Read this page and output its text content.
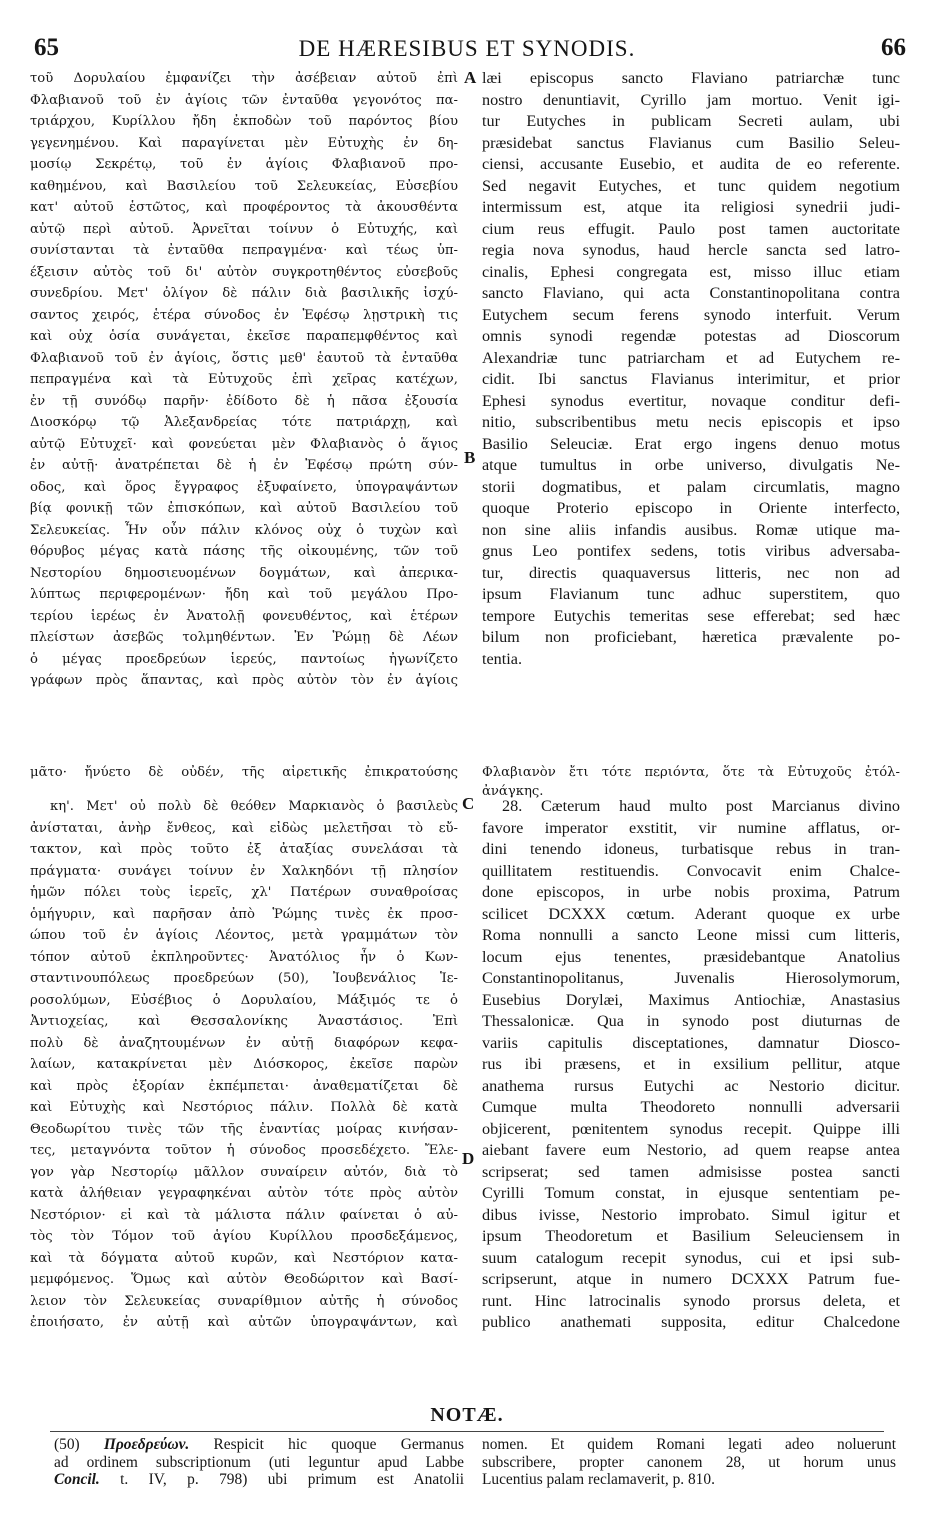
65	DE HÆRESIBUS ET SYNODIS.	66
τοῦ Δορυλαίου ἐμφανίζει τὴν ἀσέβειαν αὐτοῦ ἐπὶ
Φλαβιανοῦ τοῦ ἐν ἁγίοις τῶν ἐνταῦθα γεγονότος πα-
τριάρχου, Κυρίλλου ἤδη ἐκποδὼν τοῦ παρόντος βίου
γεγενημένου. Καὶ παραγίνεται μὲν Εὐτυχὴς ἐν δη-
μοσίῳ Σεκρέτῳ, τοῦ ἐν ἁγίοις Φλαβιανοῦ προ-
καθημένου, καὶ Βασιλείου τοῦ Σελευκείας, Εὐσεβίου
κατ' αὐτοῦ ἑστῶτος, καὶ προφέροντος τὰ ἀκουσθέντα
αὐτῷ περὶ αὐτοῦ. Ἀρνεῖται τοίνυν ὁ Εὐτυχής, καὶ
συνίστανται τὰ ἐνταῦθα πεπραγμένα· καὶ τέως ὑπ-
έξεισιν αὐτὸς τοῦ δι' αὐτὸν συγκροτηθέντος εὐσεβοῦς
συνεδρίου. Μετ' ὀλίγον δὲ πάλιν διὰ βασιλικῆς ἰσχύ-
σαντος χειρός, ἑτέρα σύνοδος ἐν Ἐφέσῳ λῃστρικὴ τις
καὶ οὐχ ὁσία συνάγεται, ἐκεῖσε παραπεμφθέντος καὶ
Φλαβιανοῦ τοῦ ἐν ἁγίοις, ὅστις μεθ' ἑαυτοῦ τὰ ἐνταῦθα
πεπραγμένα καὶ τὰ Εὐτυχοῦς ἐπὶ χεῖρας κατέχων,
ἐν τῇ συνόδῳ παρῆν· ἐδίδοτο δὲ ἡ πᾶσα ἐξουσία
Διοσκόρῳ τῷ Ἀλεξανδρείας τότε πατριάρχῃ, καὶ
αὐτῷ Εὐτυχεῖ· καὶ φονεύεται μὲν Φλαβιανὸς ὁ ἅγιος
ἐν αὐτῇ· ἀνατρέπεται δὲ ἡ ἐν Ἐφέσῳ πρώτη σύν-
οδος, καὶ ὅρος ἔγγραφος ἐξυφαίνετο, ὑπογραψάντων
βίᾳ φονικῇ τῶν ἐπισκόπων, καὶ αὐτοῦ Βασιλείου τοῦ
Σελευκείας. Ἦν οὖν πάλιν κλόνος οὐχ ὁ τυχὼν καὶ
θόρυβος μέγας κατὰ πάσης τῆς οἰκουμένης, τῶν τοῦ
Νεστορίου δημοσιευομένων δογμάτων, καὶ ἀπερικα-
λύπτως περιφερομένων· ἤδη καὶ τοῦ μεγάλου Προ-
τερίου ἱερέως ἐν Ἀνατολῇ φονευθέντος, καὶ ἑτέρων
πλείστων ἀσεβῶς τολμηθέντων. Ἐν Ῥώμῃ δὲ Λέων
ὁ μέγας προεδρεύων ἱερεύς, παντοίως ἠγωνίζετο
γράφων πρὸς ἅπαντας, καὶ πρὸς αὐτὸν τὸν ἐν ἁγίοις
læi episcopus sancto Flaviano patriarchæ tunc
nostro denuntiavit, Cyrillo jam mortuo. Venit igi-
tur Eutyches in publicam Secreti aulam, ubi
præsidebat sanctus Flavianus cum Basilio Seleu-
ciensi, accusante Eusebio, et audita de eo referente.
Sed negavit Eutyches, et tunc quidem negotium
intermissum est, atque ita religiosi synedrii judi-
cium reus effugit. Paulo post tamen auctoritate
regia nova synodus, haud hercle sancta sed latro-
cinalis, Ephesi congregata est, misso illuc etiam
sancto Flaviano, qui acta Constantinopolitana contra
Eutychem secum ferens synodo interfuit. Verum
omnis synodi regendæ potestas ad Dioscorum
Alexandriæ tunc patriarcham et ad Eutychem re-
cidit. Ibi sanctus Flavianus interimitur, et prior
Ephesi synodus evertitur, novaque conditur defi-
nitio, subscribentibus metu necis episcopis et ipso
Basilio Seleuciæ. Erat ergo ingens denuo motus
atque tumultus in orbe universo, divulgatis Ne-
storii dogmatibus, et palam circumlatis, magno
quoque Proterio episcopo in Oriente interfecto,
non sine aliis infandis ausibus. Romæ utique ma-
gnus Leo pontifex sedens, totis viribus adversaba-
tur, directis quaquaversus litteris, nec non ad
ipsum Flavianum tunc adhuc superstitem, quo
tempore Eutychis temeritas sese efferebat; sed hæc
bilum non proficiebant, hæretica prævalente po-
tentia.
A
B
C
D
μᾶτο· ἤνύετο δὲ οὐδέν, τῆς αἱρετικῆς ἐπικρατούσης Φλαβιανὸν ἔτι τότε περιόντα, ὅτε τὰ Εὐτυχοῦς ἐτόλ-
ἀνάγκης.
κη'. Μετ' οὐ πολὺ δὲ θεόθεν Μαρκιανὸς ὁ βασιλεὺς
ἀνίσταται, ἀνὴρ ἔνθεος, καὶ εἰδὼς μελετῆσαι τὸ εὔ-
τακτον, καὶ πρὸς τοῦτο ἐξ ἀταξίας συνελάσαι τὰ
πράγματα· συνάγει τοίνυν ἐν Χαλκηδόνι τῇ πλησίον
ἡμῶν πόλει τοὺς ἱερεῖς, χλ' Πατέρων συναθροίσας
ὁμήγυριν, καὶ παρῆσαν ἀπὸ Ῥώμης τινὲς ἐκ προσ-
ώπου τοῦ ἐν ἁγίοις Λέοντος, μετὰ γραμμάτων τὸν
τόπον αὐτοῦ ἐκπληροῦντες· Ἀνατόλιος ἦν ὁ Κων-
σταντινουπόλεως προεδρεύων (50), Ἰουβενάλιος Ἱε-
ροσολύμων, Εὐσέβιος ὁ Δορυλαίου, Μάξιμός τε ὁ
Ἀντιοχείας, καὶ Θεσσαλονίκης Ἀναστάσιος. Ἐπὶ
πολὺ δὲ ἀναζητουμένων ἐν αὐτῇ διαφόρων κεφα-
λαίων, κατακρίνεται μὲν Διόσκορος, ἐκεῖσε παρὼν
καὶ πρὸς ἐξορίαν ἐκπέμπεται· ἀναθεματίζεται δὲ
καὶ Εὐτυχὴς καὶ Νεστόριος πάλιν. Πολλὰ δὲ κατὰ
Θεοδωρίτου τινὲς τῶν τῆς ἐναντίας μοίρας κινήσαν-
τες, μεταγνόντα τοῦτον ἡ σύνοδος προσεδέχετο. Ἔλε-
γον γὰρ Νεστορίῳ μᾶλλον συναίρειν αὐτόν, διὰ τὸ
κατὰ ἀλήθειαν γεγραφηκέναι αὐτὸν τότε πρὸς αὐτὸν
Νεστόριον· εἰ καὶ τὰ μάλιστα πάλιν φαίνεται ὁ αὐ-
τὸς τὸν Τόμον τοῦ ἁγίου Κυρίλλου προσδεξάμενος,
καὶ τὰ δόγματα αὐτοῦ κυρῶν, καὶ Νεστόριον κατα-
μεμφόμενος. Ὅμως καὶ αὐτὸν Θεοδώριτον καὶ Βασί-
λειον τὸν Σελευκείας συναρίθμιον αὐτῆς ἡ σύνοδος
ἐποιήσατο, ἐν αὐτῇ καὶ αὐτῶν ὑπογραψάντων, καὶ
28. Cæterum haud multo post Marcianus divino
favore imperator exstitit, vir numine afflatus, or-
dini tenendo idoneus, turbatisque rebus in tran-
quillitatem restituendis. Convocavit enim Chalce-
done episcopos, in urbe nobis proxima, Patrum
scilicet DCXXX cœtum. Aderant quoque ex urbe
Roma nonnulli a sancto Leone missi cum litteris,
locum ejus tenentes, præsidebantque Anatolius
Constantinopolitanus, Juvenalis Hierosolymorum,
Eusebius Dorylæi, Maximus Antiochiæ, Anastasius
Thessalonicæ. Qua in synodo post diuturnas de
variis capitulis disceptationes, damnatur Diosco-
rus ibi præsens, et in exsilium pellitur, atque
anathema rursus Eutychi ac Nestorio dicitur.
Cumque multa Theodoreto nonnulli adversarii
objicerent, pœnitentem synodus recepit. Quippe illi
aiebant favere eum Nestorio, ad quem reapse antea
scripserat; sed tamen admisisse postea sancti
Cyrilli Tomum constat, in ejusque sententiam pe-
dibus ivisse, Nestorio improbato. Simul igitur et
ipsum Theodoretum et Basilium Seleuciensem in
suum catalogum recepit synodus, cui et ipsi sub-
scripserunt, atque in numero DCXXX Patrum fue-
runt. Hinc latrocinalis synodo prorsus deleta, et
publico anathemati supposita, editur Chalcedone
NOTÆ.
(50) Προεδρεύων. Respicit hic quoque Germanus
ad ordinem subscriptionum (uti leguntur apud Labbe
Concil. t. IV, p. 798) ubi primum est Anatolii
nomen. Et quidem Romani legati adeo noluerunt
subscribere, propter canonem 28, ut horum unus
Lucentius palam reclamaverit, p. 810.
